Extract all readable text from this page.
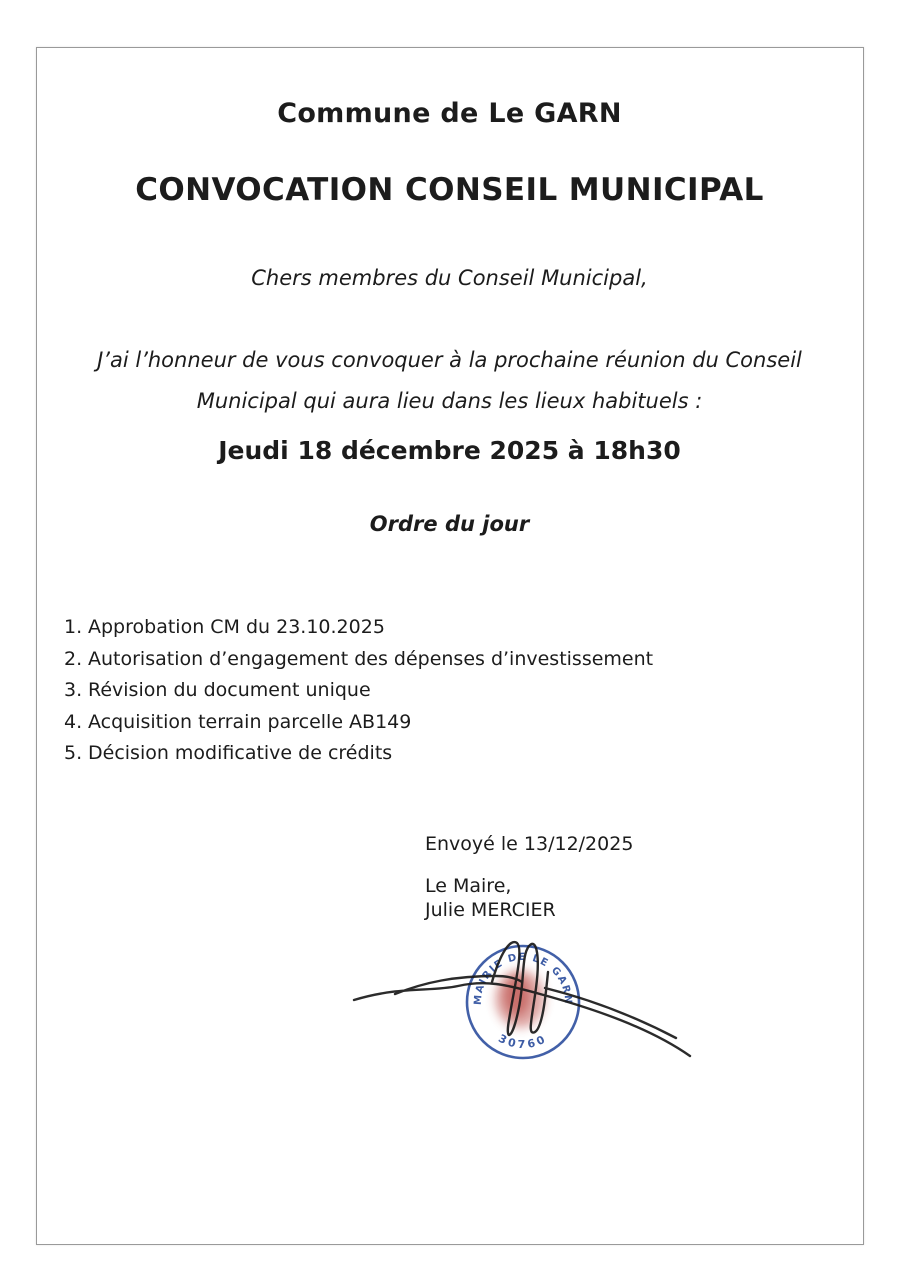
Commune de Le GARN
CONVOCATION CONSEIL MUNICIPAL
Chers membres du Conseil Municipal,
J’ai l’honneur de vous convoquer à la prochaine réunion du Conseil
Municipal qui aura lieu dans les lieux habituels :
Jeudi 18 décembre 2025 à 18h30
Ordre du jour
1. Approbation CM du 23.10.2025
2. Autorisation d’engagement des dépenses d’investissement
3. Révision du document unique
4. Acquisition terrain parcelle AB149
5. Décision modificative de crédits
Envoyé le 13/12/2025
Le Maire,
Julie MERCIER
MAIRIE DE LE GARN
30760
